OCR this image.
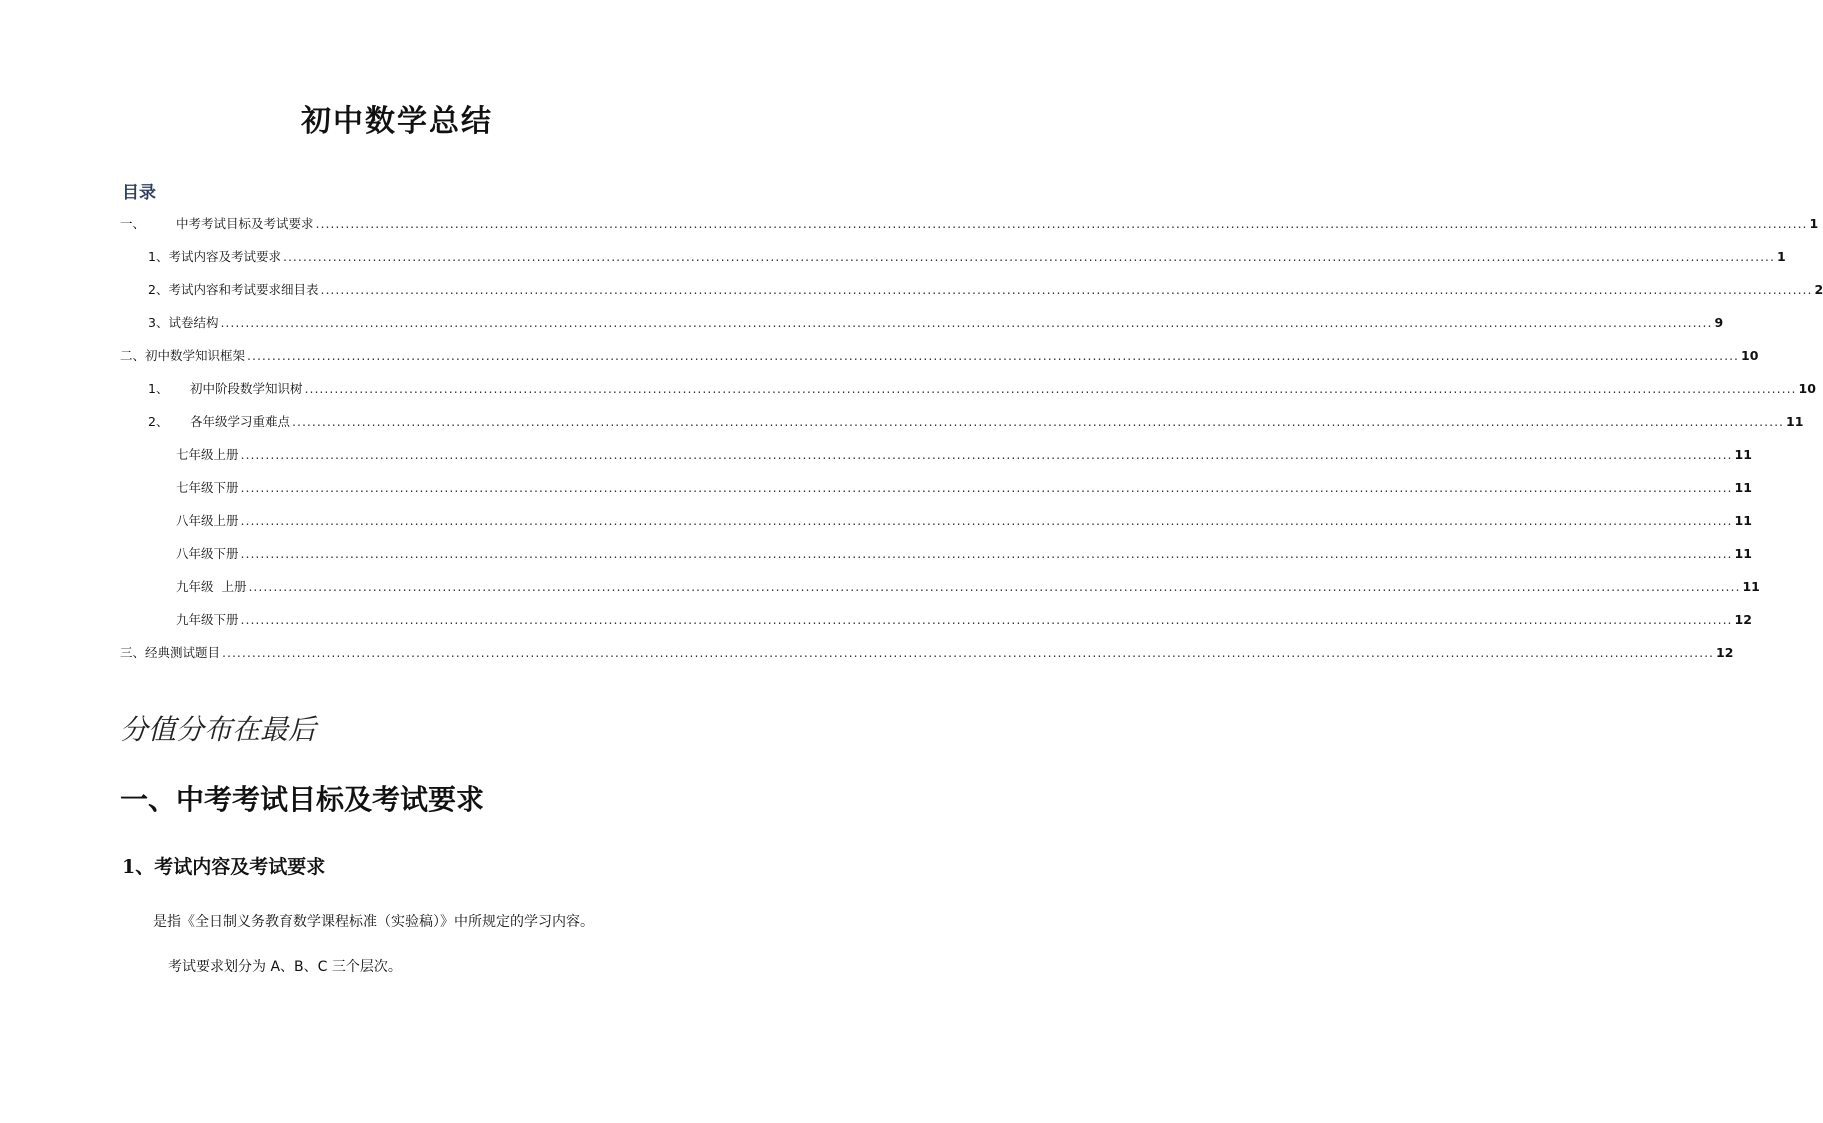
初中数学总结
目录
一、	中考考试目标及考试要求 ............................................................................................................................................................................................................................................................................................................ 1
1、考试内容及考试要求 ............................................................................................................................................................................................................................................................................................................ 1
2、考试内容和考试要求细目表 ............................................................................................................................................................................................................................................................................................................ 2
3、试卷结构 ............................................................................................................................................................................................................................................................................................................ 9
二、初中数学知识框架 ............................................................................................................................................................................................................................................................................................................ 10
1、	初中阶段数学知识树 ............................................................................................................................................................................................................................................................................................................ 10
2、	各年级学习重难点 ............................................................................................................................................................................................................................................................................................................ 11
七年级上册 ............................................................................................................................................................................................................................................................................................................ 11
七年级下册 ............................................................................................................................................................................................................................................................................................................ 11
八年级上册 ............................................................................................................................................................................................................................................................................................................ 11
八年级下册 ............................................................................................................................................................................................................................................................................................................ 11
九年级  上册 ............................................................................................................................................................................................................................................................................................................ 11
九年级下册 ............................................................................................................................................................................................................................................................................................................ 12
三、经典测试题目 ............................................................................................................................................................................................................................................................................................................ 12
分值分布在最后
一、中考考试目标及考试要求
1、考试内容及考试要求
是指《全日制义务教育数学课程标准（实验稿）》中所规定的学习内容。
考试要求划分为 A、B、C 三个层次。
